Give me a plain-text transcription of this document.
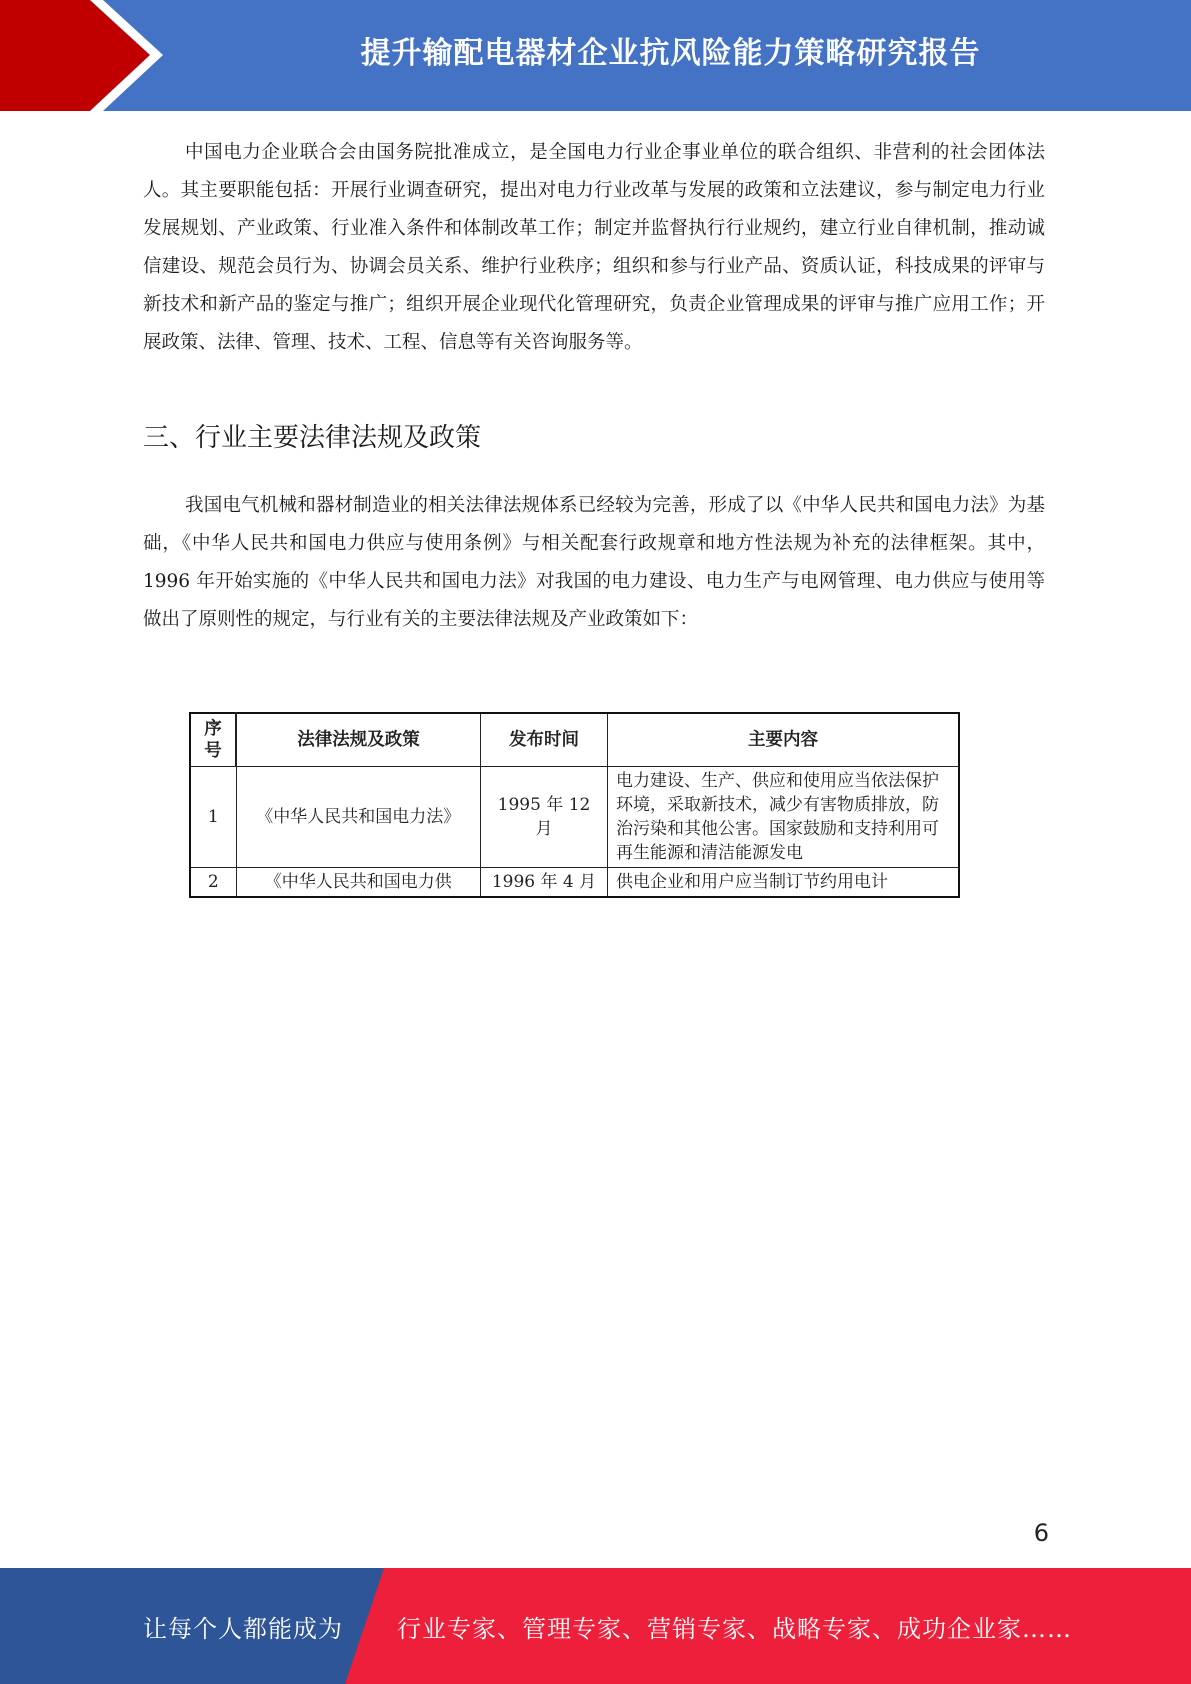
提升输配电器材企业抗风险能力策略研究报告

中国电力企业联合会由国务院批准成立，是全国电力行业企事业单位的联合组织、非营利的社会团体法人。其主要职能包括：开展行业调查研究，提出对电力行业改革与发展的政策和立法建议，参与制定电力行业发展规划、产业政策、行业准入条件和体制改革工作；制定并监督执行行业规约，建立行业自律机制，推动诚信建设、规范会员行为、协调会员关系、维护行业秩序；组织和参与行业产品、资质认证，科技成果的评审与新技术和新产品的鉴定与推广；组织开展企业现代化管理研究，负责企业管理成果的评审与推广应用工作；开展政策、法律、管理、技术、工程、信息等有关咨询服务等。

三、行业主要法律法规及政策

我国电气机械和器材制造业的相关法律法规体系已经较为完善，形成了以《中华人民共和国电力法》为基础，《中华人民共和国电力供应与使用条例》与相关配套行政规章和地方性法规为补充的法律框架。其中，1996 年开始实施的《中华人民共和国电力法》对我国的电力建设、电力生产与电网管理、电力供应与使用等做出了原则性的规定，与行业有关的主要法律法规及产业政策如下：

序号	法律法规及政策	发布时间	主要内容
1	《中华人民共和国电力法》	1995 年 12 月	电力建设、生产、供应和使用应当依法保护环境，采取新技术，减少有害物质排放，防治污染和其他公害。国家鼓励和支持利用可再生能源和清洁能源发电
2	《中华人民共和国电力供	1996 年 4 月	供电企业和用户应当制订节约用电计
6
让每个人都能成为 行业专家、管理专家、营销专家、战略专家、成功企业家……
